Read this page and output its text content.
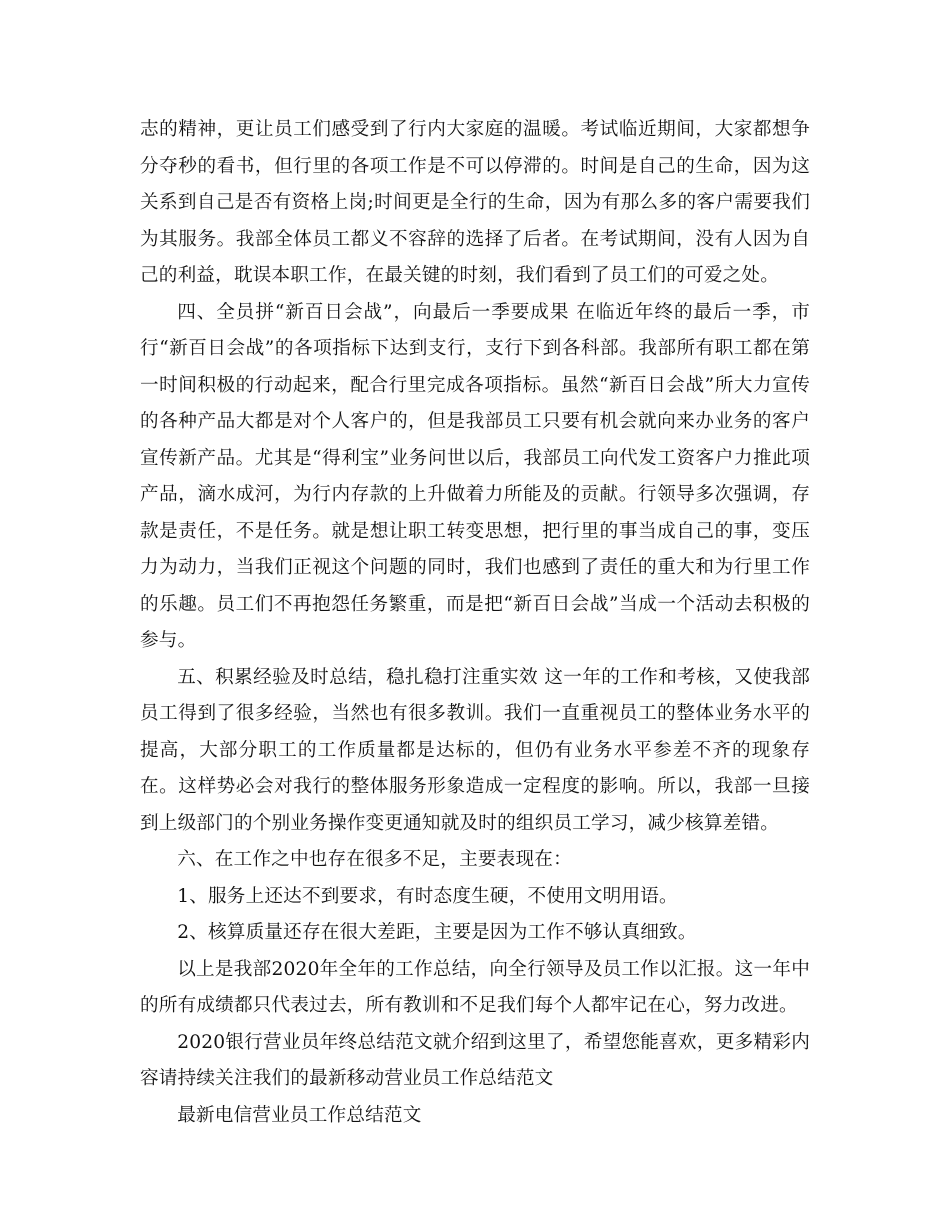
志的精神，更让员工们感受到了行内大家庭的温暖。考试临近期间，大家都想争分夺秒的看书，但行里的各项工作是不可以停滞的。时间是自己的生命，因为这关系到自己是否有资格上岗;时间更是全行的生命，因为有那么多的客户需要我们为其服务。我部全体员工都义不容辞的选择了后者。在考试期间，没有人因为自己的利益，耽误本职工作，在最关键的时刻，我们看到了员工们的可爱之处。

四、全员拼“新百日会战”，向最后一季要成果 在临近年终的最后一季，市行“新百日会战”的各项指标下达到支行，支行下到各科部。我部所有职工都在第一时间积极的行动起来，配合行里完成各项指标。虽然“新百日会战”所大力宣传的各种产品大都是对个人客户的，但是我部员工只要有机会就向来办业务的客户宣传新产品。尤其是“得利宝”业务问世以后，我部员工向代发工资客户力推此项产品，滴水成河，为行内存款的上升做着力所能及的贡献。行领导多次强调，存款是责任，不是任务。就是想让职工转变思想，把行里的事当成自己的事，变压力为动力，当我们正视这个问题的同时，我们也感到了责任的重大和为行里工作的乐趣。员工们不再抱怨任务繁重，而是把“新百日会战”当成一个活动去积极的参与。

五、积累经验及时总结，稳扎稳打注重实效 这一年的工作和考核，又使我部员工得到了很多经验，当然也有很多教训。我们一直重视员工的整体业务水平的提高，大部分职工的工作质量都是达标的，但仍有业务水平参差不齐的现象存在。这样势必会对我行的整体服务形象造成一定程度的影响。所以，我部一旦接到上级部门的个别业务操作变更通知就及时的组织员工学习，减少核算差错。

六、在工作之中也存在很多不足，主要表现在：

1、服务上还达不到要求，有时态度生硬，不使用文明用语。

2、核算质量还存在很大差距，主要是因为工作不够认真细致。

以上是我部2020年全年的工作总结，向全行领导及员工作以汇报。这一年中的所有成绩都只代表过去，所有教训和不足我们每个人都牢记在心，努力改进。

2020银行营业员年终总结范文就介绍到这里了，希望您能喜欢，更多精彩内容请持续关注我们的最新移动营业员工作总结范文

最新电信营业员工作总结范文
